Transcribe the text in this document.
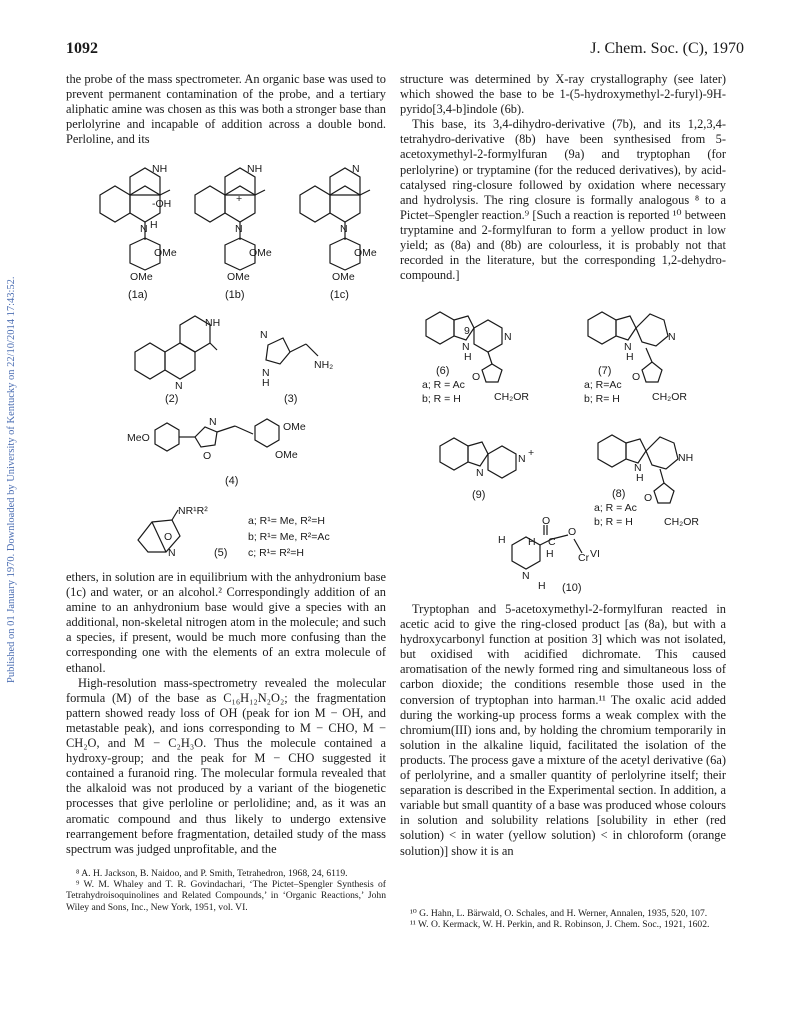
Published on 01 January 1970. Downloaded by University of Kentucky on 22/10/2014 17:43:52.
1092	J. Chem. Soc. (C), 1970

the probe of the mass spectrometer. An organic base was used to prevent permanent contamination of the probe, and a tertiary aliphatic amine was chosen as this was both a stronger base than perlolyrine and incapable of addition across a double bond. Perloline, and its

ethers, in solution are in equilibrium with the anhydronium base (1c) and water, or an alcohol.² Correspondingly addition of an amine to an anhydronium base would give a species with an additional, non-skeletal nitrogen atom in the molecule; and such a species, if present, would be much more confusing than the corresponding one with the elements of an extra molecule of ethanol.

High-resolution mass-spectrometry revealed the molecular formula (M) of the base as C₁₆H₁₂N₂O₂; the fragmentation pattern showed ready loss of OH (peak for ion M − OH, and metastable peak), and ions corresponding to M − CHO, M − CH₂O, and M − C₂H₃O. Thus the molecule contained a hydroxy-group; and the peak for M − CHO suggested it contained a furanoid ring. The molecular formula revealed that the alkaloid was not produced by a variant of the biogenetic processes that give perloline or perlolidine; and, as it was an aromatic compound and thus likely to undergo extensive rearrangement before fragmentation, detailed study of the mass spectrum was judged unprofitable, and the

⁸ A. H. Jackson, B. Naidoo, and P. Smith, Tetrahedron, 1968, 24, 6119.

⁹ W. M. Whaley and T. R. Govindachari, ‘The Pictet–Spengler Synthesis of Tetrahydroisoquinolines and Related Compounds,’ in ‘Organic Reactions,’ John Wiley and Sons, Inc., New York, 1951, vol. VI.

structure was determined by X-ray crystallography (see later) which showed the base to be 1-(5-hydroxymethyl-2-furyl)-9H-pyrido[3,4-b]indole (6b).

This base, its 3,4-dihydro-derivative (7b), and its 1,2,3,4-tetrahydro-derivative (8b) have been synthesised from 5-acetoxymethyl-2-formylfuran (9a) and tryptophan (for perlolyrine) or tryptamine (for the reduced derivatives), by acid-catalysed ring-closure followed by oxidation where necessary and hydrolysis. The ring closure is formally analogous ⁸ to a Pictet–Spengler reaction.⁹ [Such a reaction is reported ¹⁰ between tryptamine and 2-formylfuran to form a yellow product in low yield; as (8a) and (8b) are colourless, it is probably not that recorded in the literature, but the corresponding 1,2-dehydro-compound.]

Tryptophan and 5-acetoxymethyl-2-formylfuran reacted in acetic acid to give the ring-closed product [as (8a), but with a hydroxycarbonyl function at position 3] which was not isolated, but oxidised with acidified dichromate. This caused aromatisation of the newly formed ring and simultaneous loss of carbon dioxide; the conditions resemble those used in the conversion of tryptophan into harman.¹¹ The oxalic acid added during the working-up process forms a weak complex with the chromium(III) ions and, by holding the chromium temporarily in solution in the alkaline liquid, facilitated the isolation of the products. The process gave a mixture of the acetyl derivative (6a) of perlolyrine, and a smaller quantity of perlolyrine itself; their separation is described in the Experimental section. In addition, a variable but small quantity of a base was produced whose colours in solution and solubility relations [solubility in ether (red solution) < in water (yellow solution) < in chloroform (orange solution)] show it is an

¹⁰ G. Hahn, L. Bärwald, O. Schales, and H. Werner, Annalen, 1935, 520, 107.

¹¹ W. O. Kermack, W. H. Perkin, and R. Robinson, J. Chem. Soc., 1921, 1602.

NH
-OH
N H
OMe
OMe
(1a)
NH
+
N
OMe
OMe
(1b)
N
N
OMe
OMe
(1c)
NH
N
(2)
N
N
H
NH₂
(3)
MeO
N
O
OMe
OMe
(4)
NR¹R²
O
N	(5)
a; R¹= Me, R²=H
b; R¹= Me, R²=Ac
c; R¹= R²=H
9
N
H
N
O
(6)
a; R = Ac
b; R = H	CH₂OR
N
H
N
O
(7)
a; R=Ac
b; R= H	CH₂OR
N
N +
(9)
N
H
NH
O
(8)
a; R = Ac
b; R = H	CH₂OR
O
H H C
O
H Cr VI
N
H (10)
